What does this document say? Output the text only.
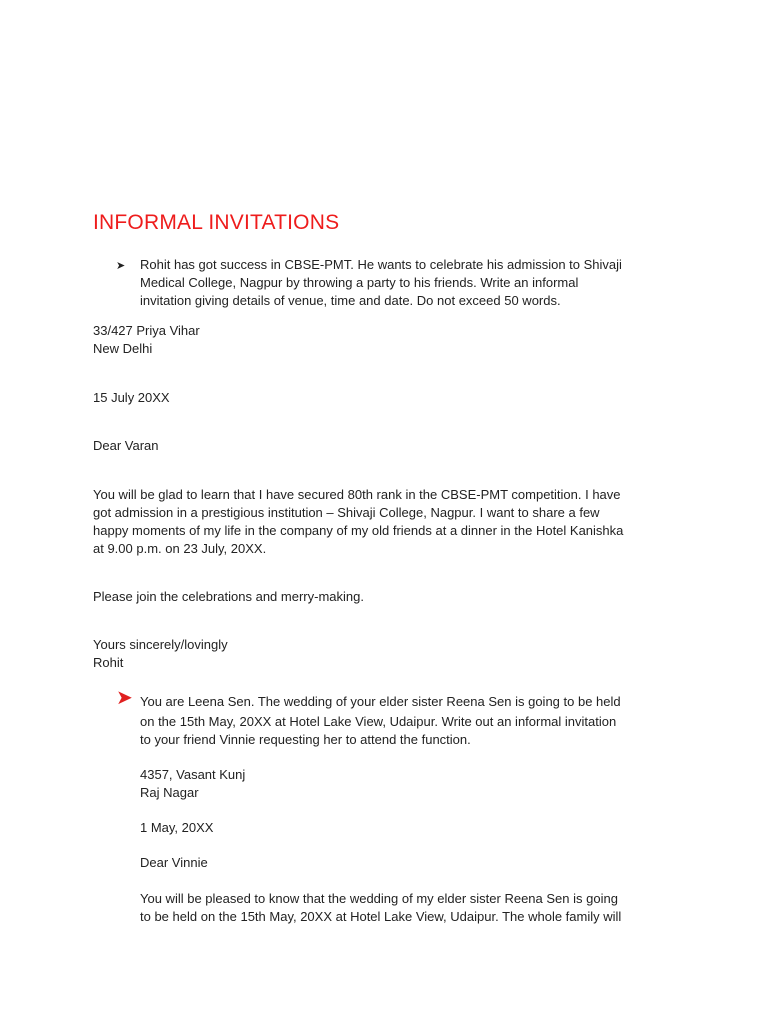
INFORMAL INVITATIONS
➤ Rohit has got success in CBSE-PMT. He wants to celebrate his admission to Shivaji

Medical College, Nagpur by throwing a party to his friends. Write an informal

invitation giving details of venue, time and date. Do not exceed 50 words.

33/427 Priya Vihar

New Delhi

15 July 20XX

Dear Varan

You will be glad to learn that I have secured 80th rank in the CBSE-PMT competition. I have

got admission in a prestigious institution – Shivaji College, Nagpur. I want to share a few

happy moments of my life in the company of my old friends at a dinner in the Hotel Kanishka

at 9.00 p.m. on 23 July, 20XX.

Please join the celebrations and merry-making.

Yours sincerely/lovingly

Rohit

➤ You are Leena Sen. The wedding of your elder sister Reena Sen is going to be held

on the 15th May, 20XX at Hotel Lake View, Udaipur. Write out an informal invitation

to your friend Vinnie requesting her to attend the function.

4357, Vasant Kunj

Raj Nagar

1 May, 20XX

Dear Vinnie

You will be pleased to know that the wedding of my elder sister Reena Sen is going

to be held on the 15th May, 20XX at Hotel Lake View, Udaipur. The whole family will
